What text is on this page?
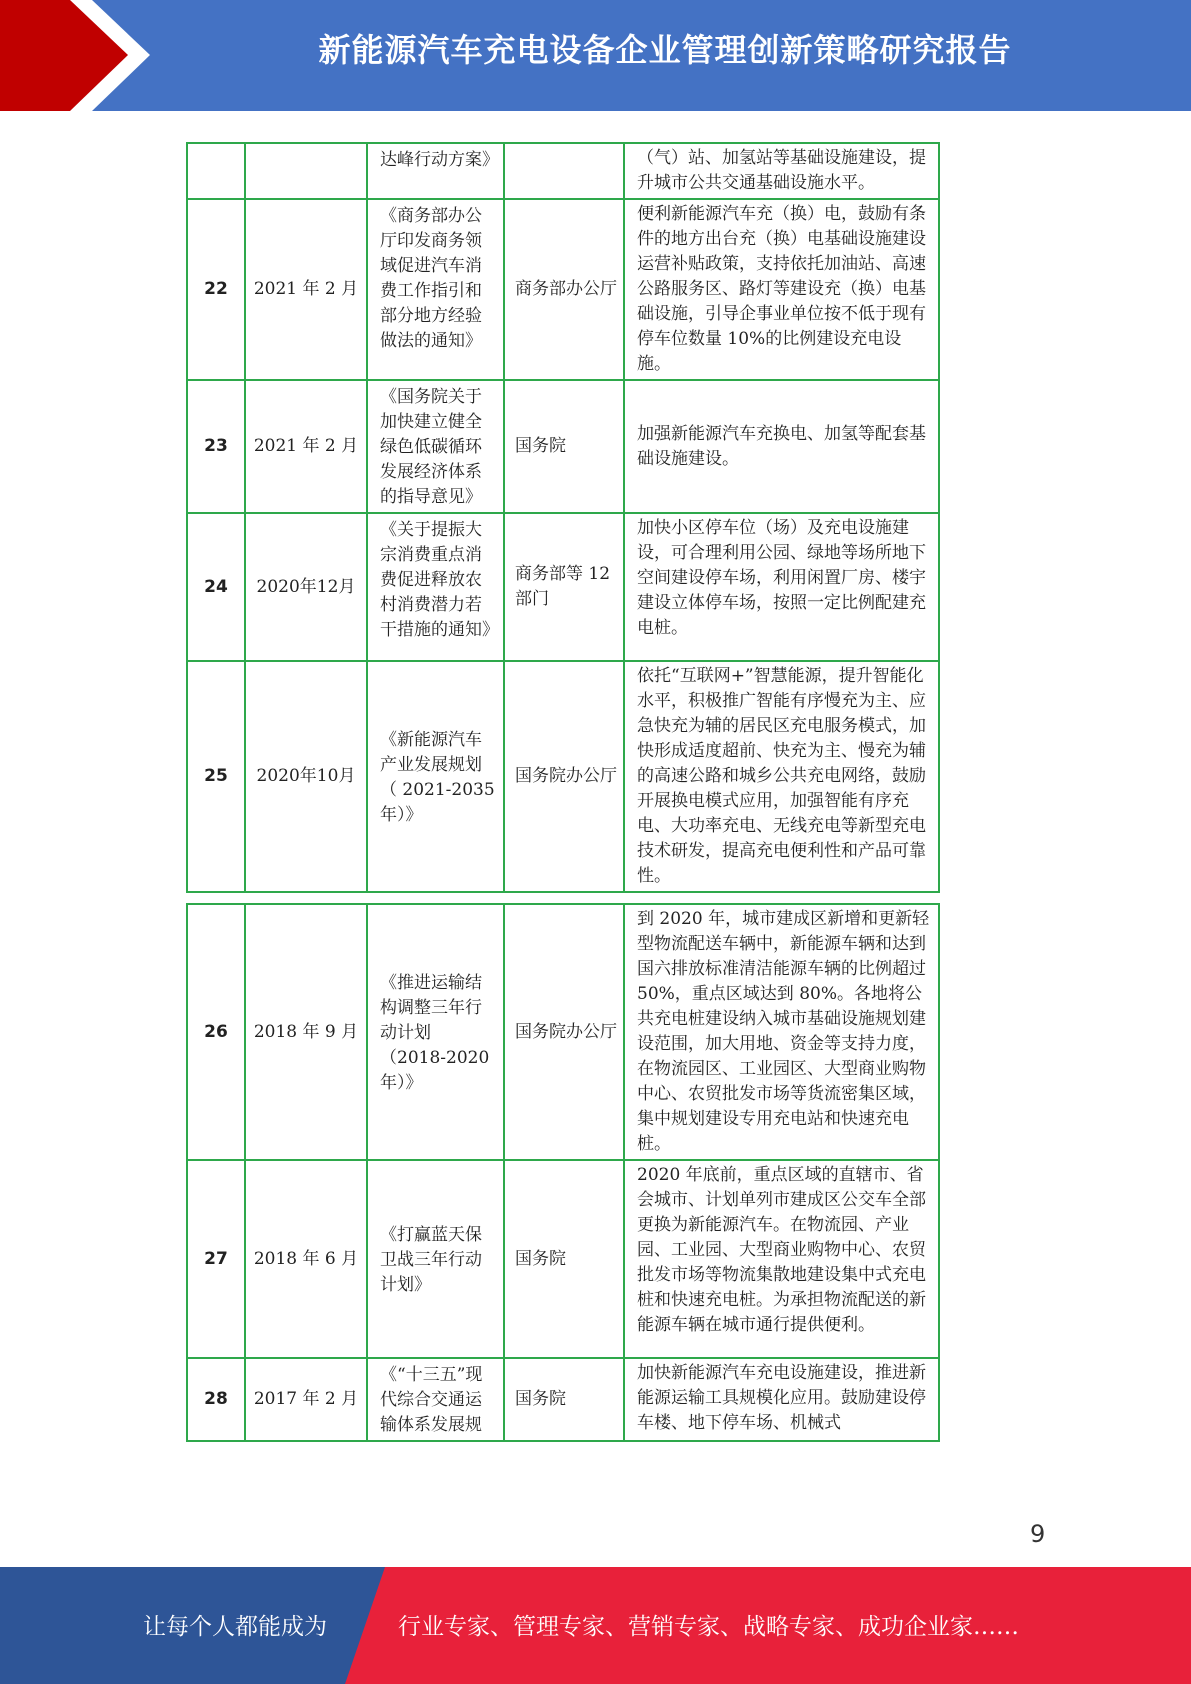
新能源汽车充电设备企业管理创新策略研究报告
		达峰行动方案》		（气）站、加氢站等基础设施建设，提升城市公共交通基础设施水平。
22	2021 年 2 月	《商务部办公厅印发商务领域促进汽车消费工作指引和部分地方经验做法的通知》	商务部办公厅	便利新能源汽车充（换）电，鼓励有条件的地方出台充（换）电基础设施建设运营补贴政策，支持依托加油站、高速公路服务区、路灯等建设充（换）电基础设施，引导企事业单位按不低于现有停车位数量 10%的比例建设充电设施。
23	2021 年 2 月	《国务院关于加快建立健全绿色低碳循环发展经济体系的指导意见》	国务院	加强新能源汽车充换电、加氢等配套基础设施建设。
24	2020年12月	《关于提振大宗消费重点消费促进释放农村消费潜力若干措施的通知》	商务部等 12 部门	加快小区停车位（场）及充电设施建设，可合理利用公园、绿地等场所地下空间建设停车场，利用闲置厂房、楼宇建设立体停车场，按照一定比例配建充电桩。
25	2020年10月	《新能源汽车产业发展规划（ 2021-2035 年）》	国务院办公厅	依托“互联网+”智慧能源，提升智能化水平，积极推广智能有序慢充为主、应急快充为辅的居民区充电服务模式，加快形成适度超前、快充为主、慢充为辅的高速公路和城乡公共充电网络，鼓励开展换电模式应用，加强智能有序充电、大功率充电、无线充电等新型充电技术研发，提高充电便利性和产品可靠性。
26	2018 年 9 月	《推进运输结构调整三年行动计划（2018-2020 年）》	国务院办公厅	到 2020 年，城市建成区新增和更新轻型物流配送车辆中，新能源车辆和达到国六排放标准清洁能源车辆的比例超过 50%，重点区域达到 80%。各地将公共充电桩建设纳入城市基础设施规划建设范围，加大用地、资金等支持力度，在物流园区、工业园区、大型商业购物中心、农贸批发市场等货流密集区域，集中规划建设专用充电站和快速充电桩。
27	2018 年 6 月	《打赢蓝天保卫战三年行动计划》	国务院	2020 年底前，重点区域的直辖市、省会城市、计划单列市建成区公交车全部更换为新能源汽车。在物流园、产业园、工业园、大型商业购物中心、农贸批发市场等物流集散地建设集中式充电桩和快速充电桩。为承担物流配送的新能源车辆在城市通行提供便利。
28	2017 年 2 月	《“十三五”现代综合交通运输体系发展规	国务院	加快新能源汽车充电设施建设，推进新能源运输工具规模化应用。鼓励建设停车楼、地下停车场、机械式
9
让每个人都能成为	行业专家、管理专家、营销专家、战略专家、成功企业家……
